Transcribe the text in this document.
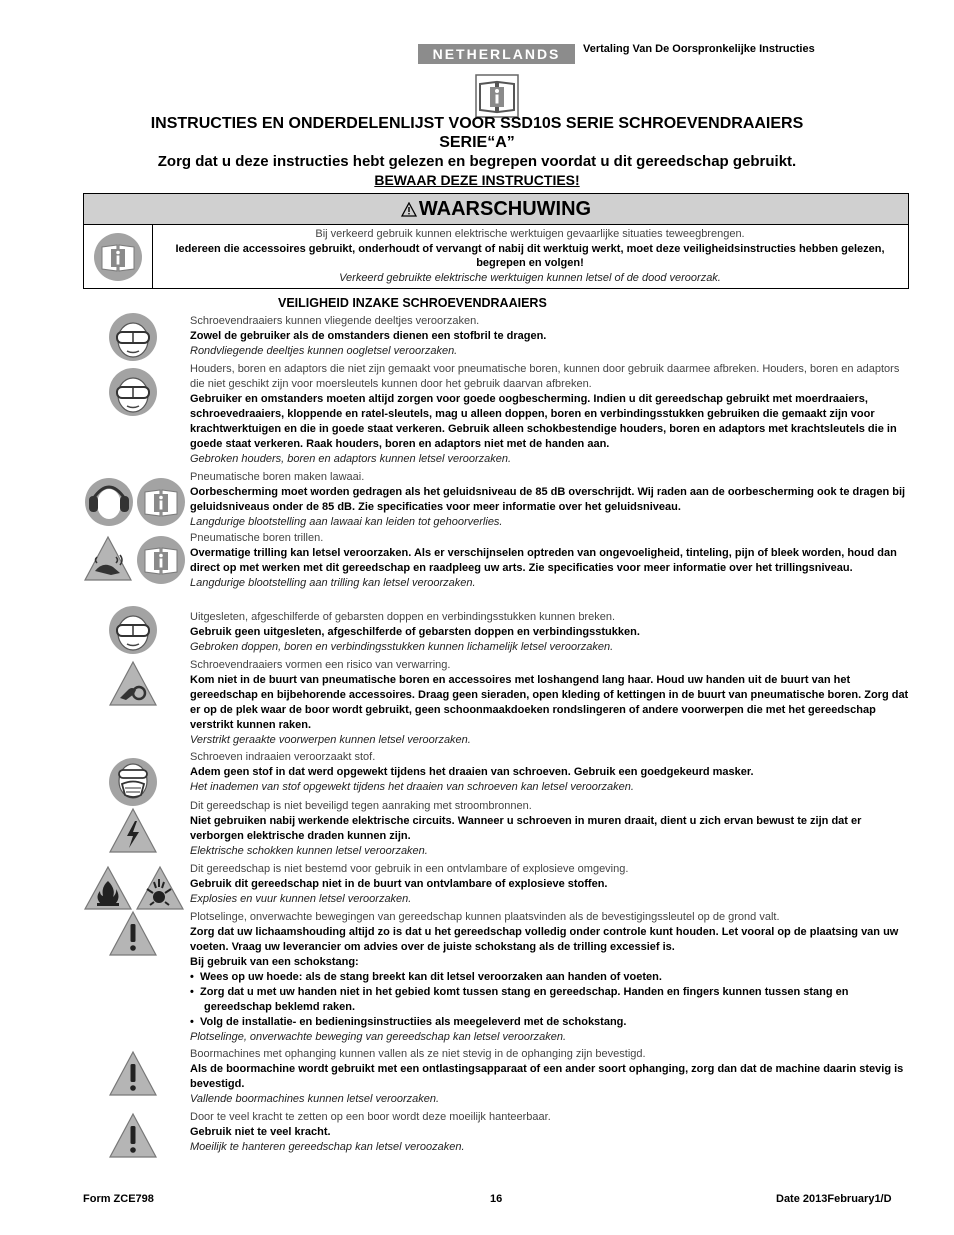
NETHERLANDS	Vertaling Van De Oorspronkelijke Instructies
INSTRUCTIES EN ONDERDELENLIJST VOOR SSD10S SERIE SCHROEVENDRAAIERS
SERIE“A”
Zorg dat u deze instructies hebt gelezen en begrepen voordat u dit gereedschap gebruikt.
BEWAAR DEZE INSTRUCTIES!
WAARSCHUWING
Bij verkeerd gebruik kunnen elektrische werktuigen gevaarlijke situaties teweegbrengen.
Iedereen die accessoires gebruikt, onderhoudt of vervangt of nabij dit werktuig werkt, moet deze veiligheidsinstructies hebben gelezen, begrepen en volgen!
Verkeerd gebruikte elektrische werktuigen kunnen letsel of de dood veroorzak.
VEILIGHEID INZAKE SCHROEVENDRAAIERS
Schroevendraaiers kunnen vliegende deeltjes veroorzaken.
Zowel de gebruiker als de omstanders dienen een stofbril te dragen.
Rondvliegende deeltjes kunnen oogletsel veroorzaken.
Houders, boren en adaptors die niet zijn gemaakt voor pneumatische boren, kunnen door gebruik daarmee afbreken. Houders, boren en adaptors die niet geschikt zijn voor moersleutels kunnen door het gebruik daarvan afbreken.
Gebruiker en omstanders moeten altijd zorgen voor goede oogbescherming. Indien u dit gereedschap gebruikt met moerdraaiers, schroevedraaiers, kloppende en ratel-sleutels, mag u alleen doppen, boren en verbindingsstukken gebruiken die gemaakt zijn voor krachtwerktuigen en die in goede staat verkeren. Gebruik alleen schokbestendige houders, boren en adaptors met krachtsleutels die in goede staat verkeren. Raak houders, boren en adaptors niet met de handen aan.
Gebroken houders, boren en adaptors kunnen letsel veroorzaken.
Pneumatische boren maken lawaai.
Oorbescherming moet worden gedragen als het geluidsniveau de 85 dB overschrijdt. Wij raden aan de oorbescherming ook te dragen bij geluidsniveaus onder de 85 dB. Zie specificaties voor meer informatie over het geluidsniveau.
Langdurige blootstelling aan lawaai kan leiden tot gehoorverlies.
Pneumatische boren trillen.
Overmatige trilling kan letsel veroorzaken. Als er verschijnselen optreden van ongevoeligheid, tinteling, pijn of bleek worden, houd dan direct op met werken met dit gereedschap en raadpleeg uw arts. Zie specificaties voor meer informatie over het trillingsniveau.
Langdurige blootstelling aan trilling kan letsel veroorzaken.
Uitgesleten, afgeschilferde of gebarsten doppen en verbindingsstukken kunnen breken.
Gebruik geen uitgesleten, afgeschilferde of gebarsten doppen en verbindingsstukken.
Gebroken doppen, boren en verbindingsstukken kunnen lichamelijk letsel veroorzaken.
Schroevendraaiers vormen een risico van verwarring.
Kom niet in de buurt van pneumatische boren en accessoires met loshangend lang haar. Houd uw handen uit de buurt van het gereedschap en bijbehorende accessoires. Draag geen sieraden, open kleding of kettingen in de buurt van pneumatische boren. Zorg dat er op de plek waar de boor wordt gebruikt, geen schoonmaakdoeken rondslingeren of andere voorwerpen die met het gereedschap verstrikt kunnen raken.
Verstrikt geraakte voorwerpen kunnen letsel veroorzaken.
Schroeven indraaien veroorzaakt stof.
Adem geen stof in dat werd opgewekt tijdens het draaien van schroeven. Gebruik een goedgekeurd masker.
Het inademen van stof opgewekt tijdens het draaien van schroeven kan letsel veroorzaken.
Dit gereedschap is niet beveiligd tegen aanraking met stroombronnen.
Niet gebruiken nabij werkende elektrische circuits. Wanneer u schroeven in muren draait, dient u zich ervan bewust te zijn dat er verborgen elektrische draden kunnen zijn.
Elektrische schokken kunnen letsel veroorzaken.
Dit gereedschap is niet bestemd voor gebruik in een ontvlambare of explosieve omgeving.
Gebruik dit gereedschap niet in de buurt van ontvlambare of explosieve stoffen.
Explosies en vuur kunnen letsel veroorzaken.
Plotselinge, onverwachte bewegingen van gereedschap kunnen plaatsvinden als de bevestigingssleutel op de grond valt.
Zorg dat uw lichaamshouding altijd zo is dat u het gereedschap volledig onder controle kunt houden. Let vooral op de plaatsing van uw voeten. Vraag uw leverancier om advies over de juiste schokstang als de trilling excessief is.
Bij gebruik van een schokstang:
•  Wees op uw hoede: als de stang breekt kan dit letsel veroorzaken aan handen of voeten.
•  Zorg dat u met uw handen niet in het gebied komt tussen stang en gereedschap. Handen en fingers kunnen tussen stang en gereedschap beklemd raken.
•  Volg de installatie- en bedieningsinstructiies als meegeleverd met de schokstang.
Plotselinge, onverwachte beweging van gereedschap kan letsel veroorzaken.
Boormachines met ophanging kunnen vallen als ze niet stevig in de ophanging zijn bevestigd.
Als de boormachine wordt gebruikt met een ontlastingsapparaat of een ander soort ophanging, zorg dan dat de machine daarin stevig is bevestigd.
Vallende boormachines kunnen letsel veroorzaken.
Door te veel kracht te zetten op een boor wordt deze moeilijk hanteerbaar.
Gebruik niet te veel kracht.
Moeilijk te hanteren gereedschap kan letsel veroozaken.
Form ZCE798	16	Date 2013February1/D
